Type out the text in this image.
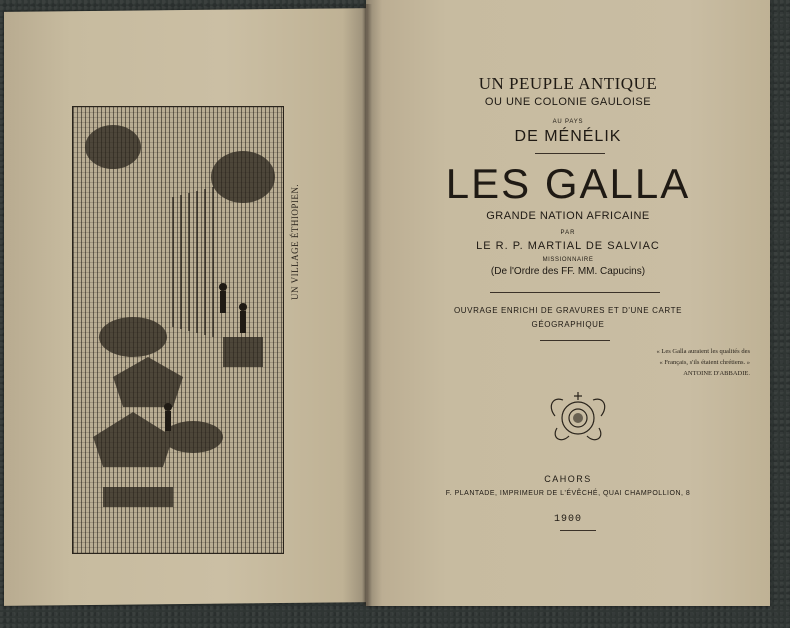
UN VILLAGE ÉTHIOPIEN.
UN PEUPLE ANTIQUE
OU UNE COLONIE GAULOISE
AU PAYS
DE MÉNÉLIK
LES GALLA
GRANDE NATION AFRICAINE
PAR
LE R. P. MARTIAL DE SALVIAC
MISSIONNAIRE
(De l'Ordre des FF. MM. Capucins)
OUVRAGE ENRICHI DE GRAVURES ET D'UNE CARTE
GÉOGRAPHIQUE
« Les Galla auraient les qualités des
« Français, s'ils étaient chrétiens. »
ANTOINE D'ABBADIE.
CAHORS
F. PLANTADE, IMPRIMEUR DE L'ÉVÊCHÉ, QUAI CHAMPOLLION, 8
1900
